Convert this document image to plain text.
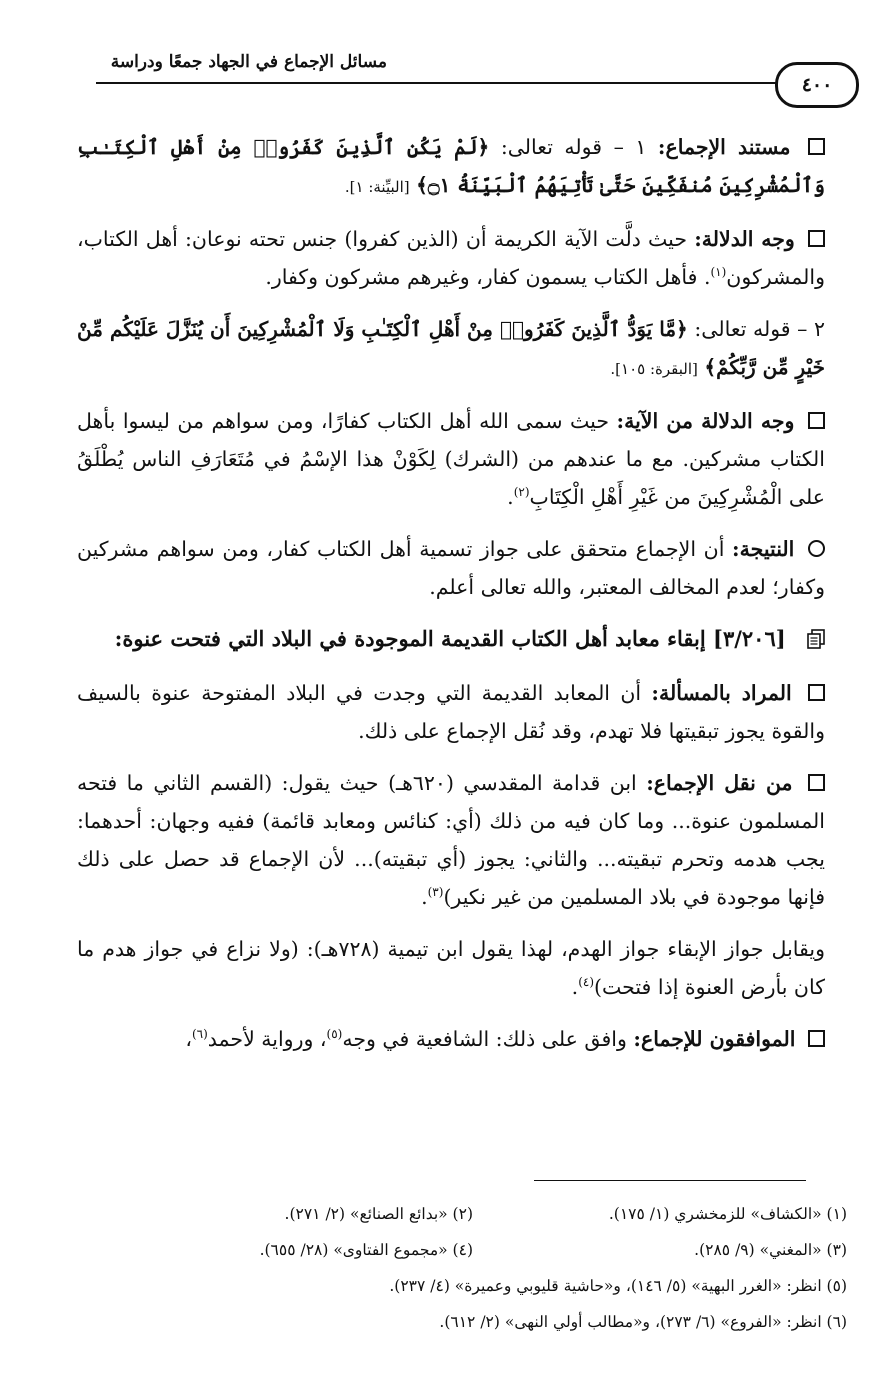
مسائل الإجماع في الجهاد جمعًا ودراسة
٤٠٠

مستند الإجماع: ١ – قوله تعالى: ﴿لَمْ يَكُنِ ٱلَّذِينَ كَفَرُوا۟ مِنْ أَهْلِ ٱلْكِتَـٰبِ وَٱلْمُشْرِكِينَ مُنفَكِّينَ حَتَّىٰ تَأْتِيَهُمُ ٱلْبَيِّنَةُ ۝١﴾ [البيِّنة: ١].

وجه الدلالة: حيث دلَّت الآية الكريمة أن (الذين كفروا) جنس تحته نوعان: أهل الكتاب، والمشركون$^{(١)}$. فأهل الكتاب يسمون كفار، وغيرهم مشركون وكفار.

٢ – قوله تعالى: ﴿مَّا يَوَدُّ ٱلَّذِينَ كَفَرُوا۟ مِنْ أَهْلِ ٱلْكِتَـٰبِ وَلَا ٱلْمُشْرِكِينَ أَن يُنَزَّلَ عَلَيْكُم مِّنْ خَيْرٍ مِّن رَّبِّكُمْ﴾ [البقرة: ١٠٥].

وجه الدلالة من الآية: حيث سمى الله أهل الكتاب كفارًا، ومن سواهم من ليسوا بأهل الكتاب مشركين. مع ما عندهم من (الشرك) لِكَوْنْ هذا الإسْمُ في مُتَعَارَفِ الناس يُطْلَقُ على الْمُشْرِكِينَ من غَيْرِ أَهْلِ الْكِتَابِ$^{(٢)}$.

النتيجة: أن الإجماع متحقق على جواز تسمية أهل الكتاب كفار، ومن سواهم مشركين وكفار؛ لعدم المخالف المعتبر، والله تعالى أعلم.

[٣/٢٠٦] إبقاء معابد أهل الكتاب القديمة الموجودة في البلاد التي فتحت عنوة:

المراد بالمسألة: أن المعابد القديمة التي وجدت في البلاد المفتوحة عنوة بالسيف والقوة يجوز تبقيتها فلا تهدم، وقد نُقل الإجماع على ذلك.

من نقل الإجماع: ابن قدامة المقدسي (٦٢٠هـ) حيث يقول: (القسم الثاني ما فتحه المسلمون عنوة... وما كان فيه من ذلك (أي: كنائس ومعابد قائمة) ففيه وجهان: أحدهما: يجب هدمه وتحرم تبقيته... والثاني: يجوز (أي تبقيته)... لأن الإجماع قد حصل على ذلك فإنها موجودة في بلاد المسلمين من غير نكير)$^{(٣)}$.

ويقابل جواز الإبقاء جواز الهدم، لهذا يقول ابن تيمية (٧٢٨هـ): (ولا نزاع في جواز هدم ما كان بأرض العنوة إذا فتحت)$^{(٤)}$.

الموافقون للإجماع: وافق على ذلك: الشافعية في وجه$^{(٥)}$، ورواية لأحمد$^{(٦)}$،

(١) «الكشاف» للزمخشري (١/ ١٧٥).
(٢) «بدائع الصنائع» (٢/ ٢٧١).
(٣) «المغني» (٩/ ٢٨٥).
(٤) «مجموع الفتاوى» (٢٨/ ٦٥٥).
(٥) انظر: «الغرر البهية» (٥/ ١٤٦)، و«حاشية قليوبي وعميرة» (٤/ ٢٣٧).
(٦) انظر: «الفروع» (٦/ ٢٧٣)، و«مطالب أولي النهى» (٢/ ٦١٢).
